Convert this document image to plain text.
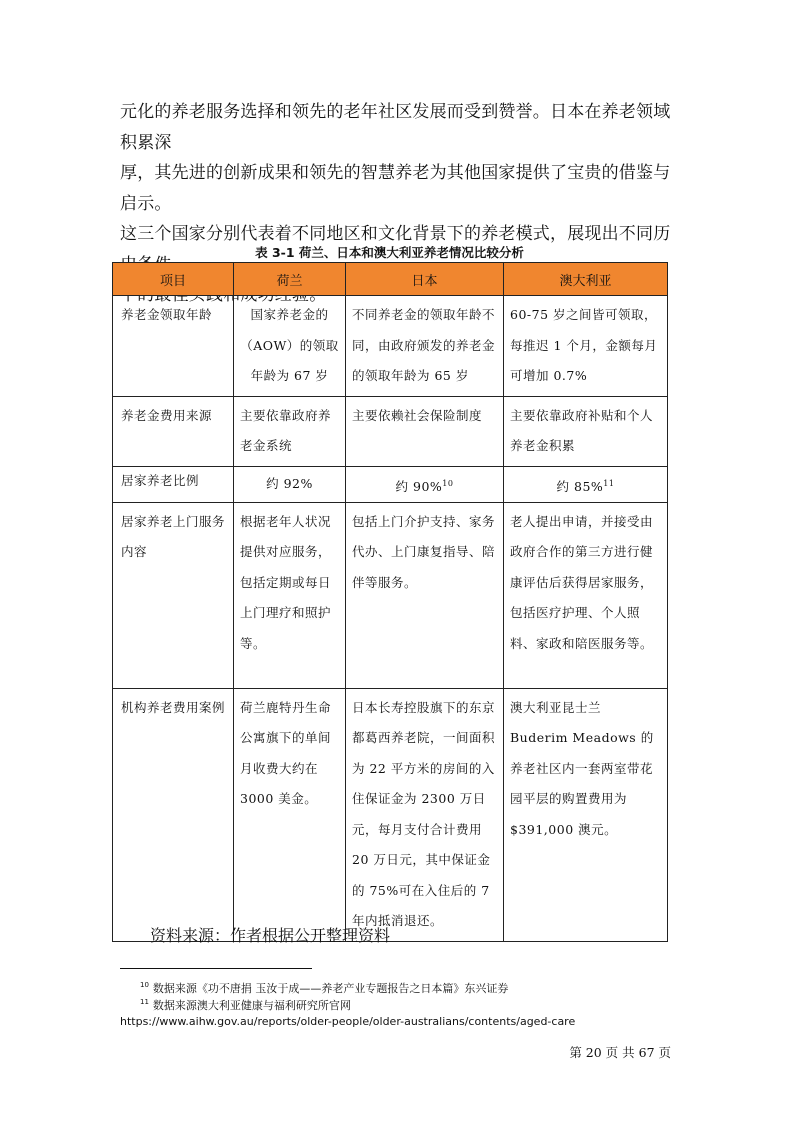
元化的养老服务选择和领先的老年社区发展而受到赞誉。日本在养老领域积累深

厚，其先进的创新成果和领先的智慧养老为其他国家提供了宝贵的借鉴与启示。

这三个国家分别代表着不同地区和文化背景下的养老模式，展现出不同历

表 3-1 荷兰、日本和澳大利亚养老情况比较分析
项目	荷兰	日本	澳大利亚
养老金领取年龄	国家养老金的（AOW）的领取年龄为 67 岁	不同养老金的领取年龄不同，由政府颁发的养老金的领取年龄为 65 岁	60-75 岁之间皆可领取，每推迟 1 个月，金额每月可增加 0.7%
养老金费用来源	主要依靠政府养老金系统	主要依赖社会保险制度	主要依靠政府补贴和个人养老金积累
居家养老比例	约 92%	约 90%$^{10}$	约 85%$^{11}$
居家养老上门服务内容	根据老年人状况提供对应服务，包括定期或每日上门理疗和照护等。	包括上门介护支持、家务代办、上门康复指导、陪伴等服务。	老人提出申请，并接受由政府合作的第三方进行健康评估后获得居家服务，包括医疗护理、个人照料、家政和陪医服务等。
机构养老费用案例	荷兰鹿特丹生命公寓旗下的单间月收费大约在 3000 美金。	日本长寿控股旗下的东京都葛西养老院，一间面积为 22 平方米的房间的入住保证金为 2300 万日元，每月支付合计费用 20 万日元，其中保证金的 75%可在入住后的 7 年内抵消退还。	澳大利亚昆士兰 Buderim Meadows 的养老社区内一套两室带花园平层的购置费用为$391,000 澳元。
资料来源：作者根据公开整理资料
$^{10}$ 数据来源《功不唐捐 玉汝于成——养老产业专题报告之日本篇》东兴证券
$^{11}$ 数据来源澳大利亚健康与福利研究所官网
https://www.aihw.gov.au/reports/older-people/older-australians/contents/aged-care
第 20 页 共 67 页
